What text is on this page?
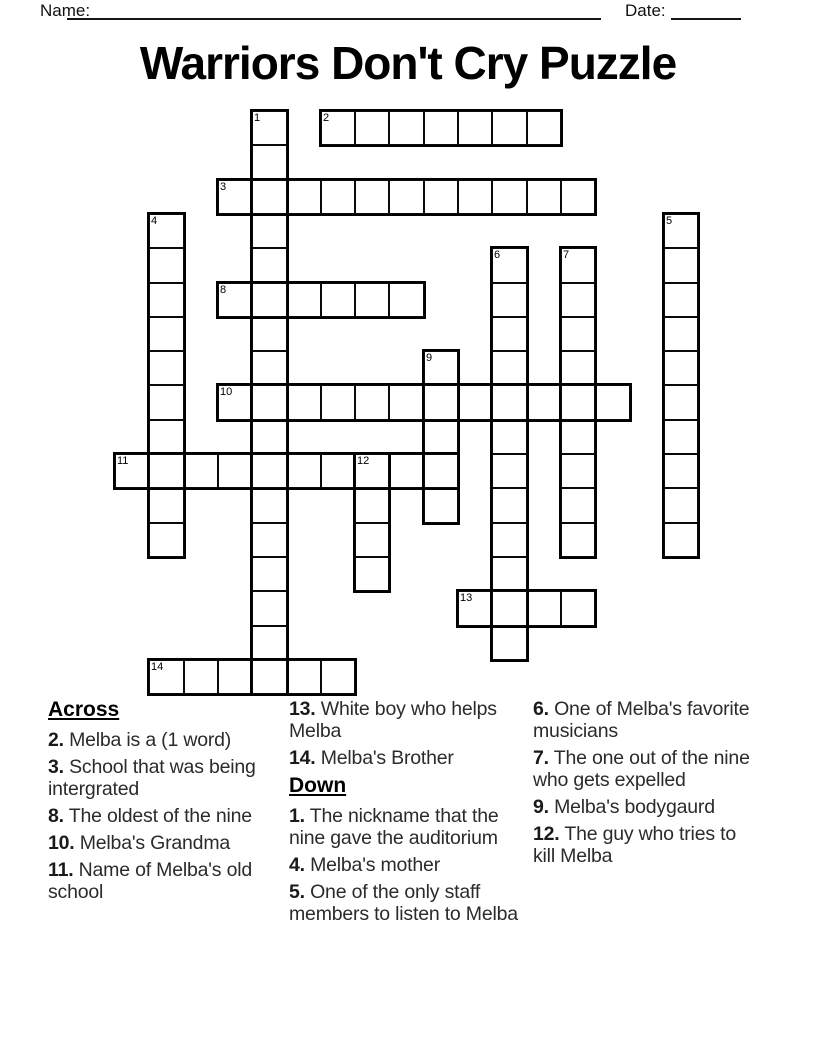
Name:	Date:
Warriors Don't Cry Puzzle
1	2
3
4	5
6	7
8
9
10
11	12
13
14
Across
2. Melba is a (1 word)
3. School that was being intergrated
8. The oldest of the nine
10. Melba's Grandma
11. Name of Melba's old school
13. White boy who helps Melba
14. Melba's Brother
Down
1. The nickname that the nine gave the auditorium
4. Melba's mother
5. One of the only staff members to listen to Melba
6. One of Melba's favorite musicians
7. The one out of the nine who gets expelled
9. Melba's bodygaurd
12. The guy who tries to kill Melba
